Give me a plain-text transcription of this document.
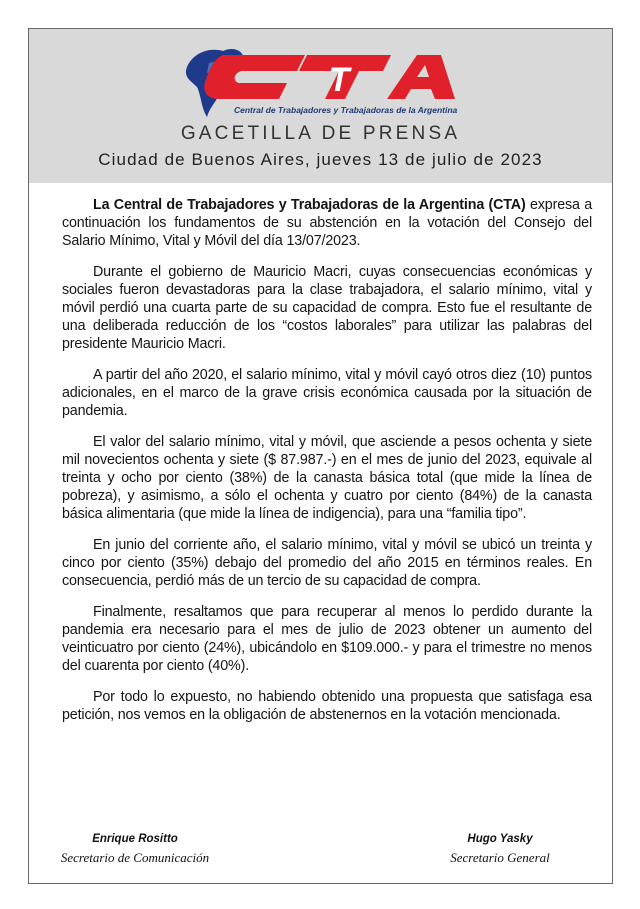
T
Central de Trabajadores y Trabajadoras de la Argentina
GACETILLA DE PRENSA
Ciudad de Buenos Aires, jueves 13 de julio de 2023

La Central de Trabajadores y Trabajadoras de la Argentina (CTA) expresa a continuación los fundamentos de su abstención en la votación del Consejo del Salario Mínimo, Vital y Móvil del día 13/07/2023.

Durante el gobierno de Mauricio Macri, cuyas consecuencias económicas y sociales fueron devastadoras para la clase trabajadora, el salario mínimo, vital y móvil perdió una cuarta parte de su capacidad de compra. Esto fue el resultante de una deliberada reducción de los “costos laborales” para utilizar las palabras del presidente Mauricio Macri.

A partir del año 2020, el salario mínimo, vital y móvil cayó otros diez (10) puntos adicionales, en el marco de la grave crisis económica causada por la situación de pandemia.

El valor del salario mínimo, vital y móvil, que asciende a pesos ochenta y siete mil novecientos ochenta y siete ($ 87.987.-) en el mes de junio del 2023, equivale al treinta y ocho por ciento (38%) de la canasta básica total (que mide la línea de pobreza), y asimismo, a sólo el ochenta y cuatro por ciento (84%) de la canasta básica alimentaria (que mide la línea de indigencia), para una “familia tipo”.

En junio del corriente año, el salario mínimo, vital y móvil se ubicó un treinta y cinco por ciento (35%) debajo del promedio del año 2015 en términos reales. En consecuencia, perdió más de un tercio de su capacidad de compra.

Finalmente, resaltamos que para recuperar al menos lo perdido durante la pandemia era necesario para el mes de julio de 2023 obtener un aumento del veinticuatro por ciento (24%), ubicándolo en $109.000.- y para el trimestre no menos del cuarenta por ciento (40%).

Por todo lo expuesto, no habiendo obtenido una propuesta que satisfaga esa petición, nos vemos en la obligación de abstenernos en la votación mencionada.

Enrique Rositto
Secretario de Comunicación
Hugo Yasky
Secretario General
